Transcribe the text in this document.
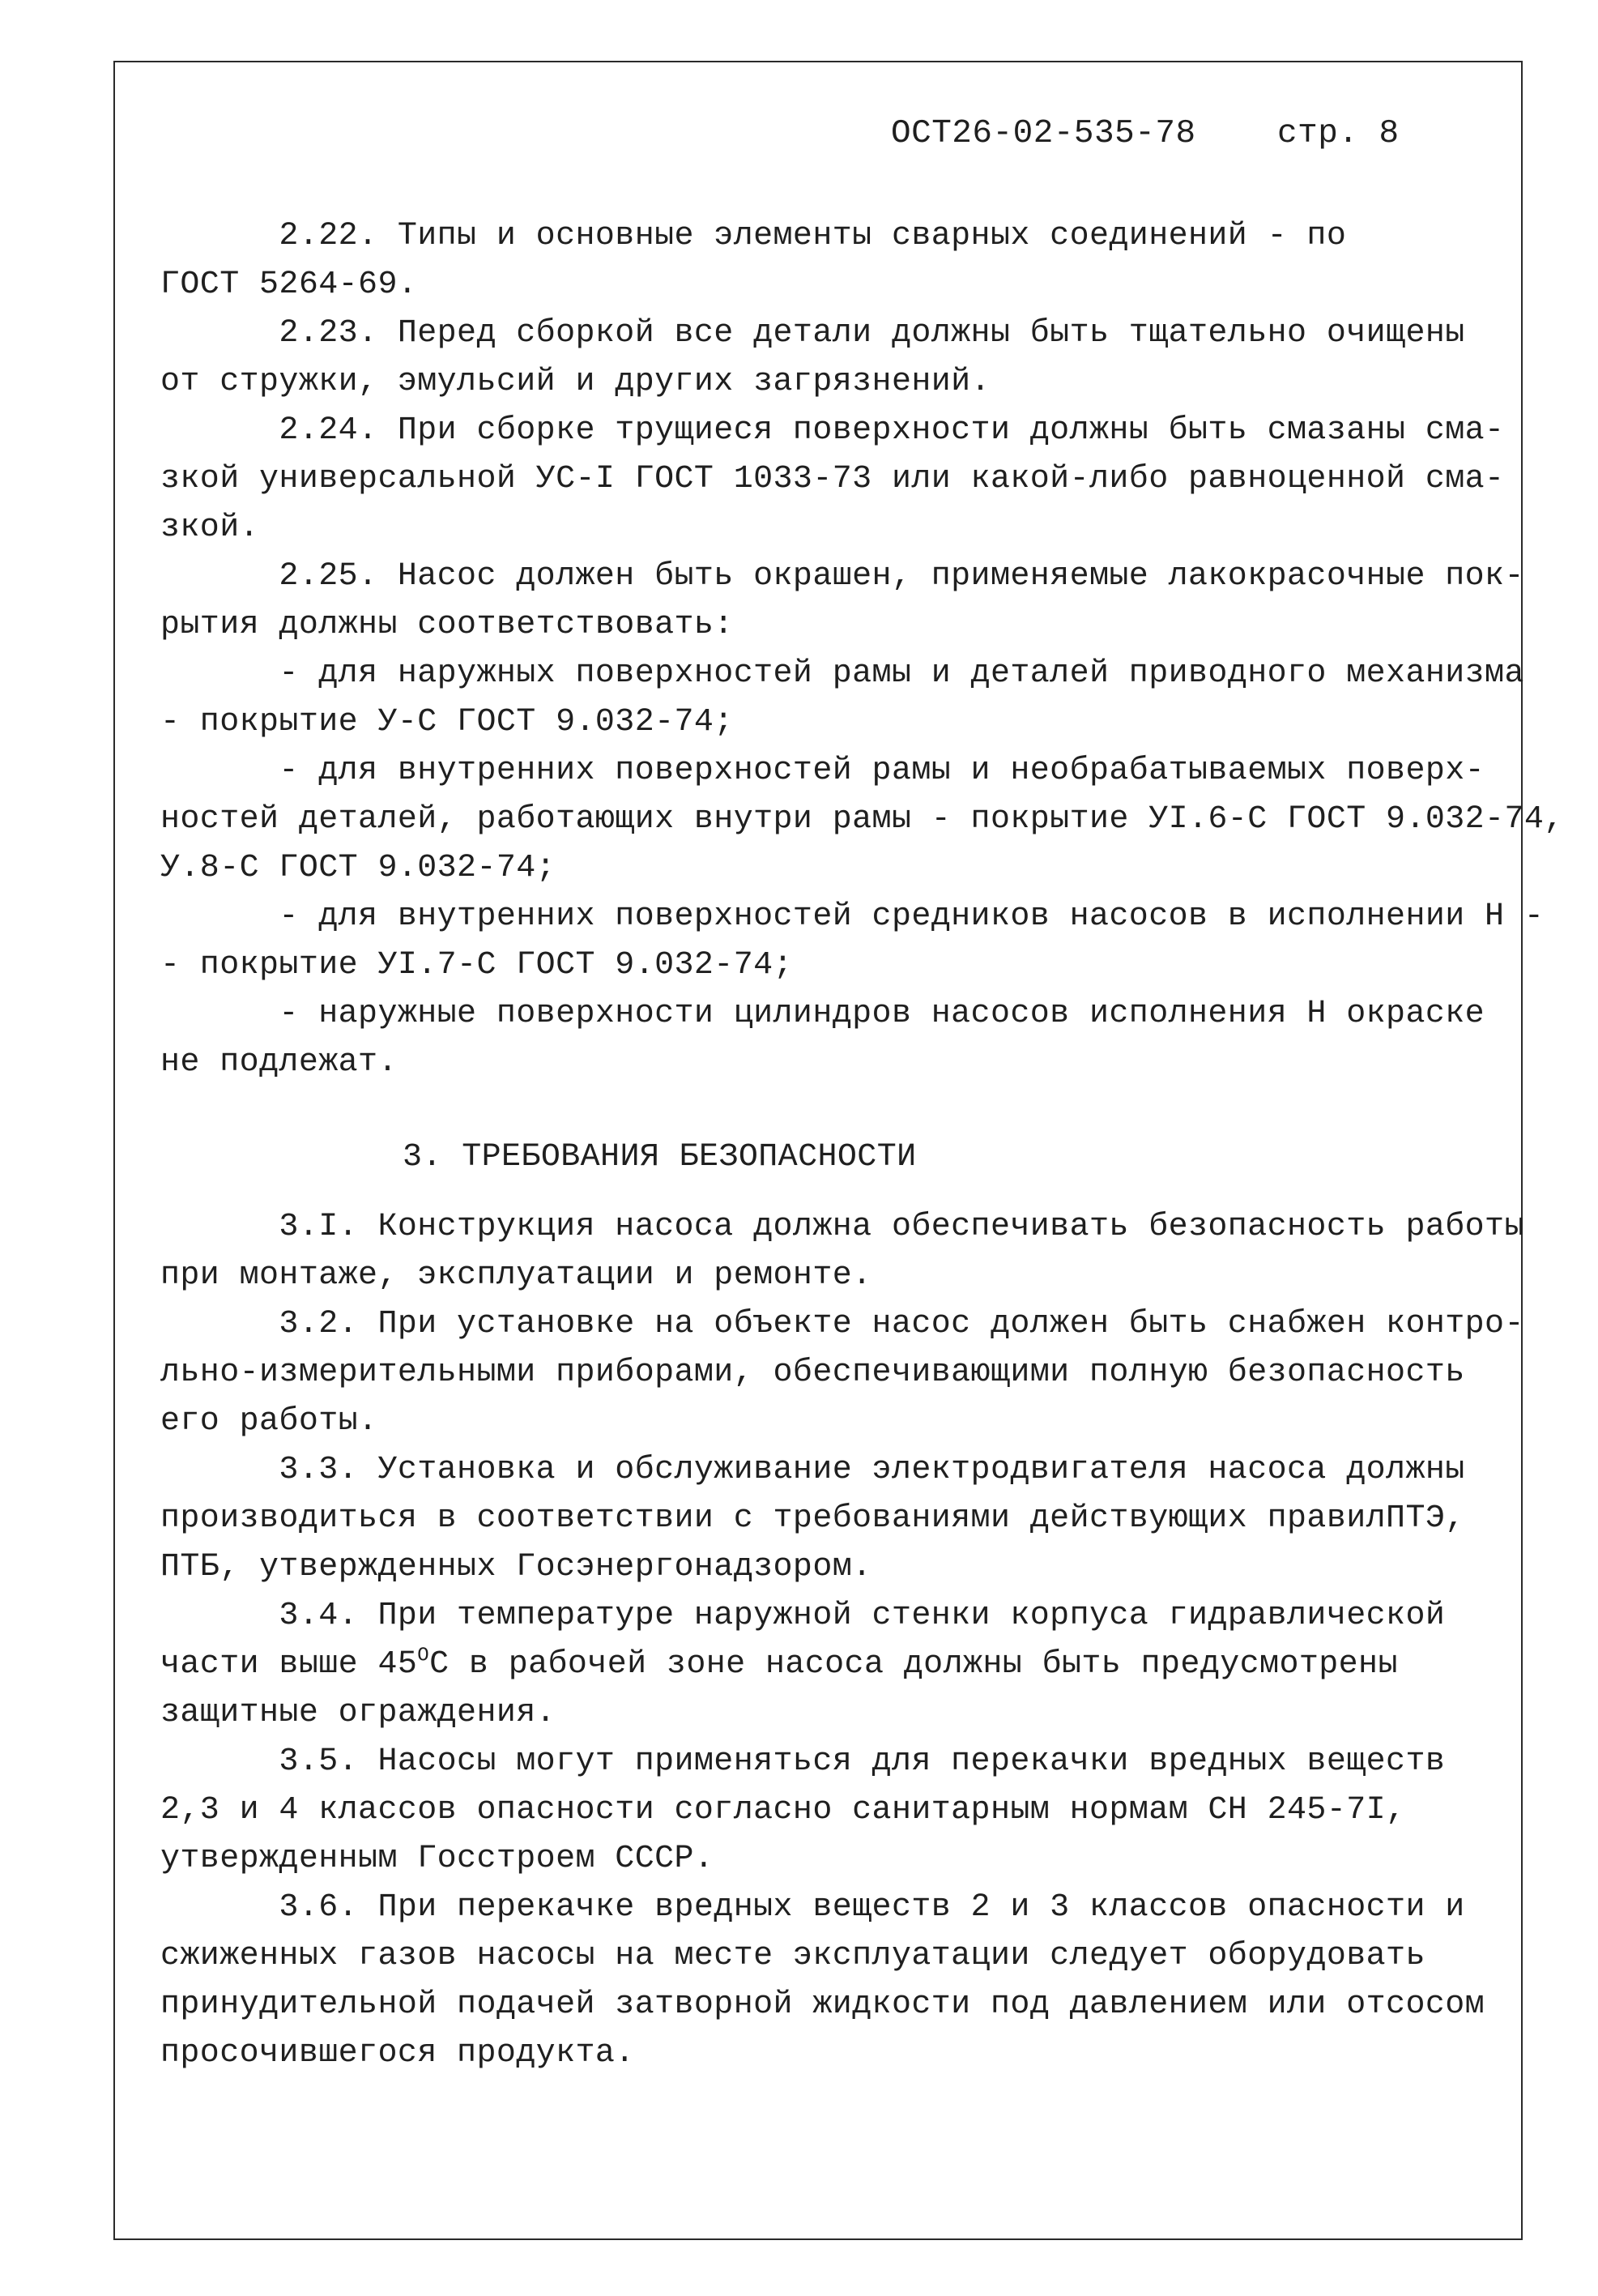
ОСТ26-02-535-78 стр. 8
2.22. Типы и основные элементы сварных соединений - по
ГОСТ 5264-69.
2.23. Перед сборкой все детали должны быть тщательно очищены
от стружки, эмульсий и других загрязнений.
2.24. При сборке трущиеся поверхности должны быть смазаны сма-
зкой универсальной УС-I ГОСТ 1033-73 или какой-либо равноценной сма-
зкой.
2.25. Насос должен быть окрашен, применяемые лакокрасочные пок-
рытия должны соответствовать:
- для наружных поверхностей рамы и деталей приводного механизма
- покрытие У-С ГОСТ 9.032-74;
- для внутренних поверхностей рамы и необрабатываемых поверх-
ностей деталей, работающих внутри рамы - покрытие УI.6-С ГОСТ 9.032-74,
У.8-С ГОСТ 9.032-74;
- для внутренних поверхностей средников насосов в исполнении Н -
- покрытие УI.7-С ГОСТ 9.032-74;
- наружные поверхности цилиндров насосов исполнения Н окраске
не подлежат.
3. ТРЕБОВАНИЯ БЕЗОПАСНОСТИ
3.I. Конструкция насоса должна обеспечивать безопасность работы
при монтаже, эксплуатации и ремонте.
3.2. При установке на объекте насос должен быть снабжен контро-
льно-измерительными приборами, обеспечивающими полную безопасность
его работы.
3.3. Установка и обслуживание электродвигателя насоса должны
производиться в соответствии с требованиями действующих правилПТЭ,
ПТБ, утвержденных Госэнергонадзором.
3.4. При температуре наружной стенки корпуса гидравлической
части выше $45^OС$ в рабочей зоне насоса должны быть предусмотрены
защитные ограждения.
3.5. Насосы могут применяться для перекачки вредных веществ
2,3 и 4 классов опасности согласно санитарным нормам СН 245-7I,
утвержденным Госстроем СССР.
3.6. При перекачке вредных веществ 2 и 3 классов опасности и
сжиженных газов насосы на месте эксплуатации следует оборудовать
принудительной подачей затворной жидкости под давлением или отсосом
просочившегося продукта.
